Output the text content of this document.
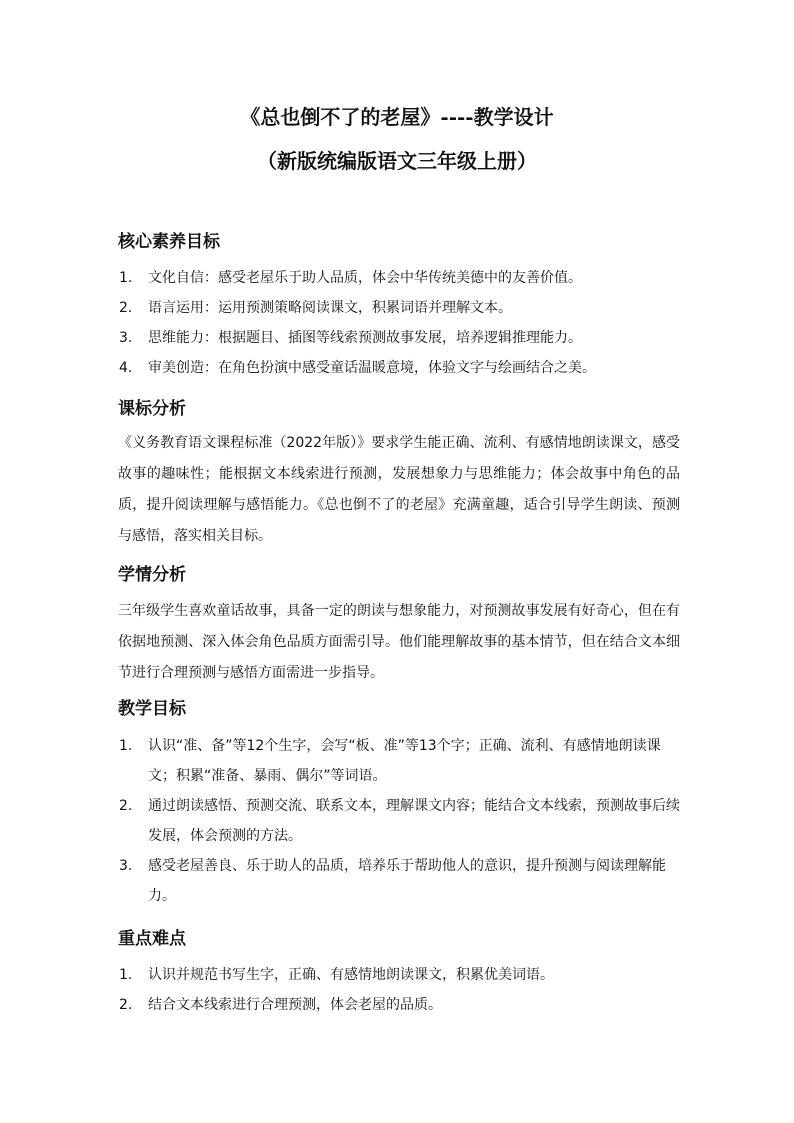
《总也倒不了的老屋》----教学设计
（新版统编版语文三年级上册）
核心素养目标
1. 文化自信：感受老屋乐于助人品质，体会中华传统美德中的友善价值。
2. 语言运用：运用预测策略阅读课文，积累词语并理解文本。
3. 思维能力：根据题目、插图等线索预测故事发展，培养逻辑推理能力。
4. 审美创造：在角色扮演中感受童话温暖意境，体验文字与绘画结合之美。
课标分析

《义务教育语文课程标准（2022年版）》要求学生能正确、流利、有感情地朗读课文，感受故事的趣味性；能根据文本线索进行预测，发展想象力与思维能力；体会故事中角色的品质，提升阅读理解与感悟能力。《总也倒不了的老屋》充满童趣，适合引导学生朗读、预测与感悟，落实相关目标。

学情分析

三年级学生喜欢童话故事，具备一定的朗读与想象能力，对预测故事发展有好奇心，但在有依据地预测、深入体会角色品质方面需引导。他们能理解故事的基本情节，但在结合文本细节进行合理预测与感悟方面需进一步指导。

教学目标
1. 认识“准、备”等12个生字，会写“板、准”等13个字；正确、流利、有感情地朗读课文；积累“准备、暴雨、偶尔”等词语。
2. 通过朗读感悟、预测交流、联系文本，理解课文内容；能结合文本线索，预测故事后续发展，体会预测的方法。
3. 感受老屋善良、乐于助人的品质，培养乐于帮助他人的意识，提升预测与阅读理解能力。
重点难点
1. 认识并规范书写生字，正确、有感情地朗读课文，积累优美词语。
2. 结合文本线索进行合理预测，体会老屋的品质。
